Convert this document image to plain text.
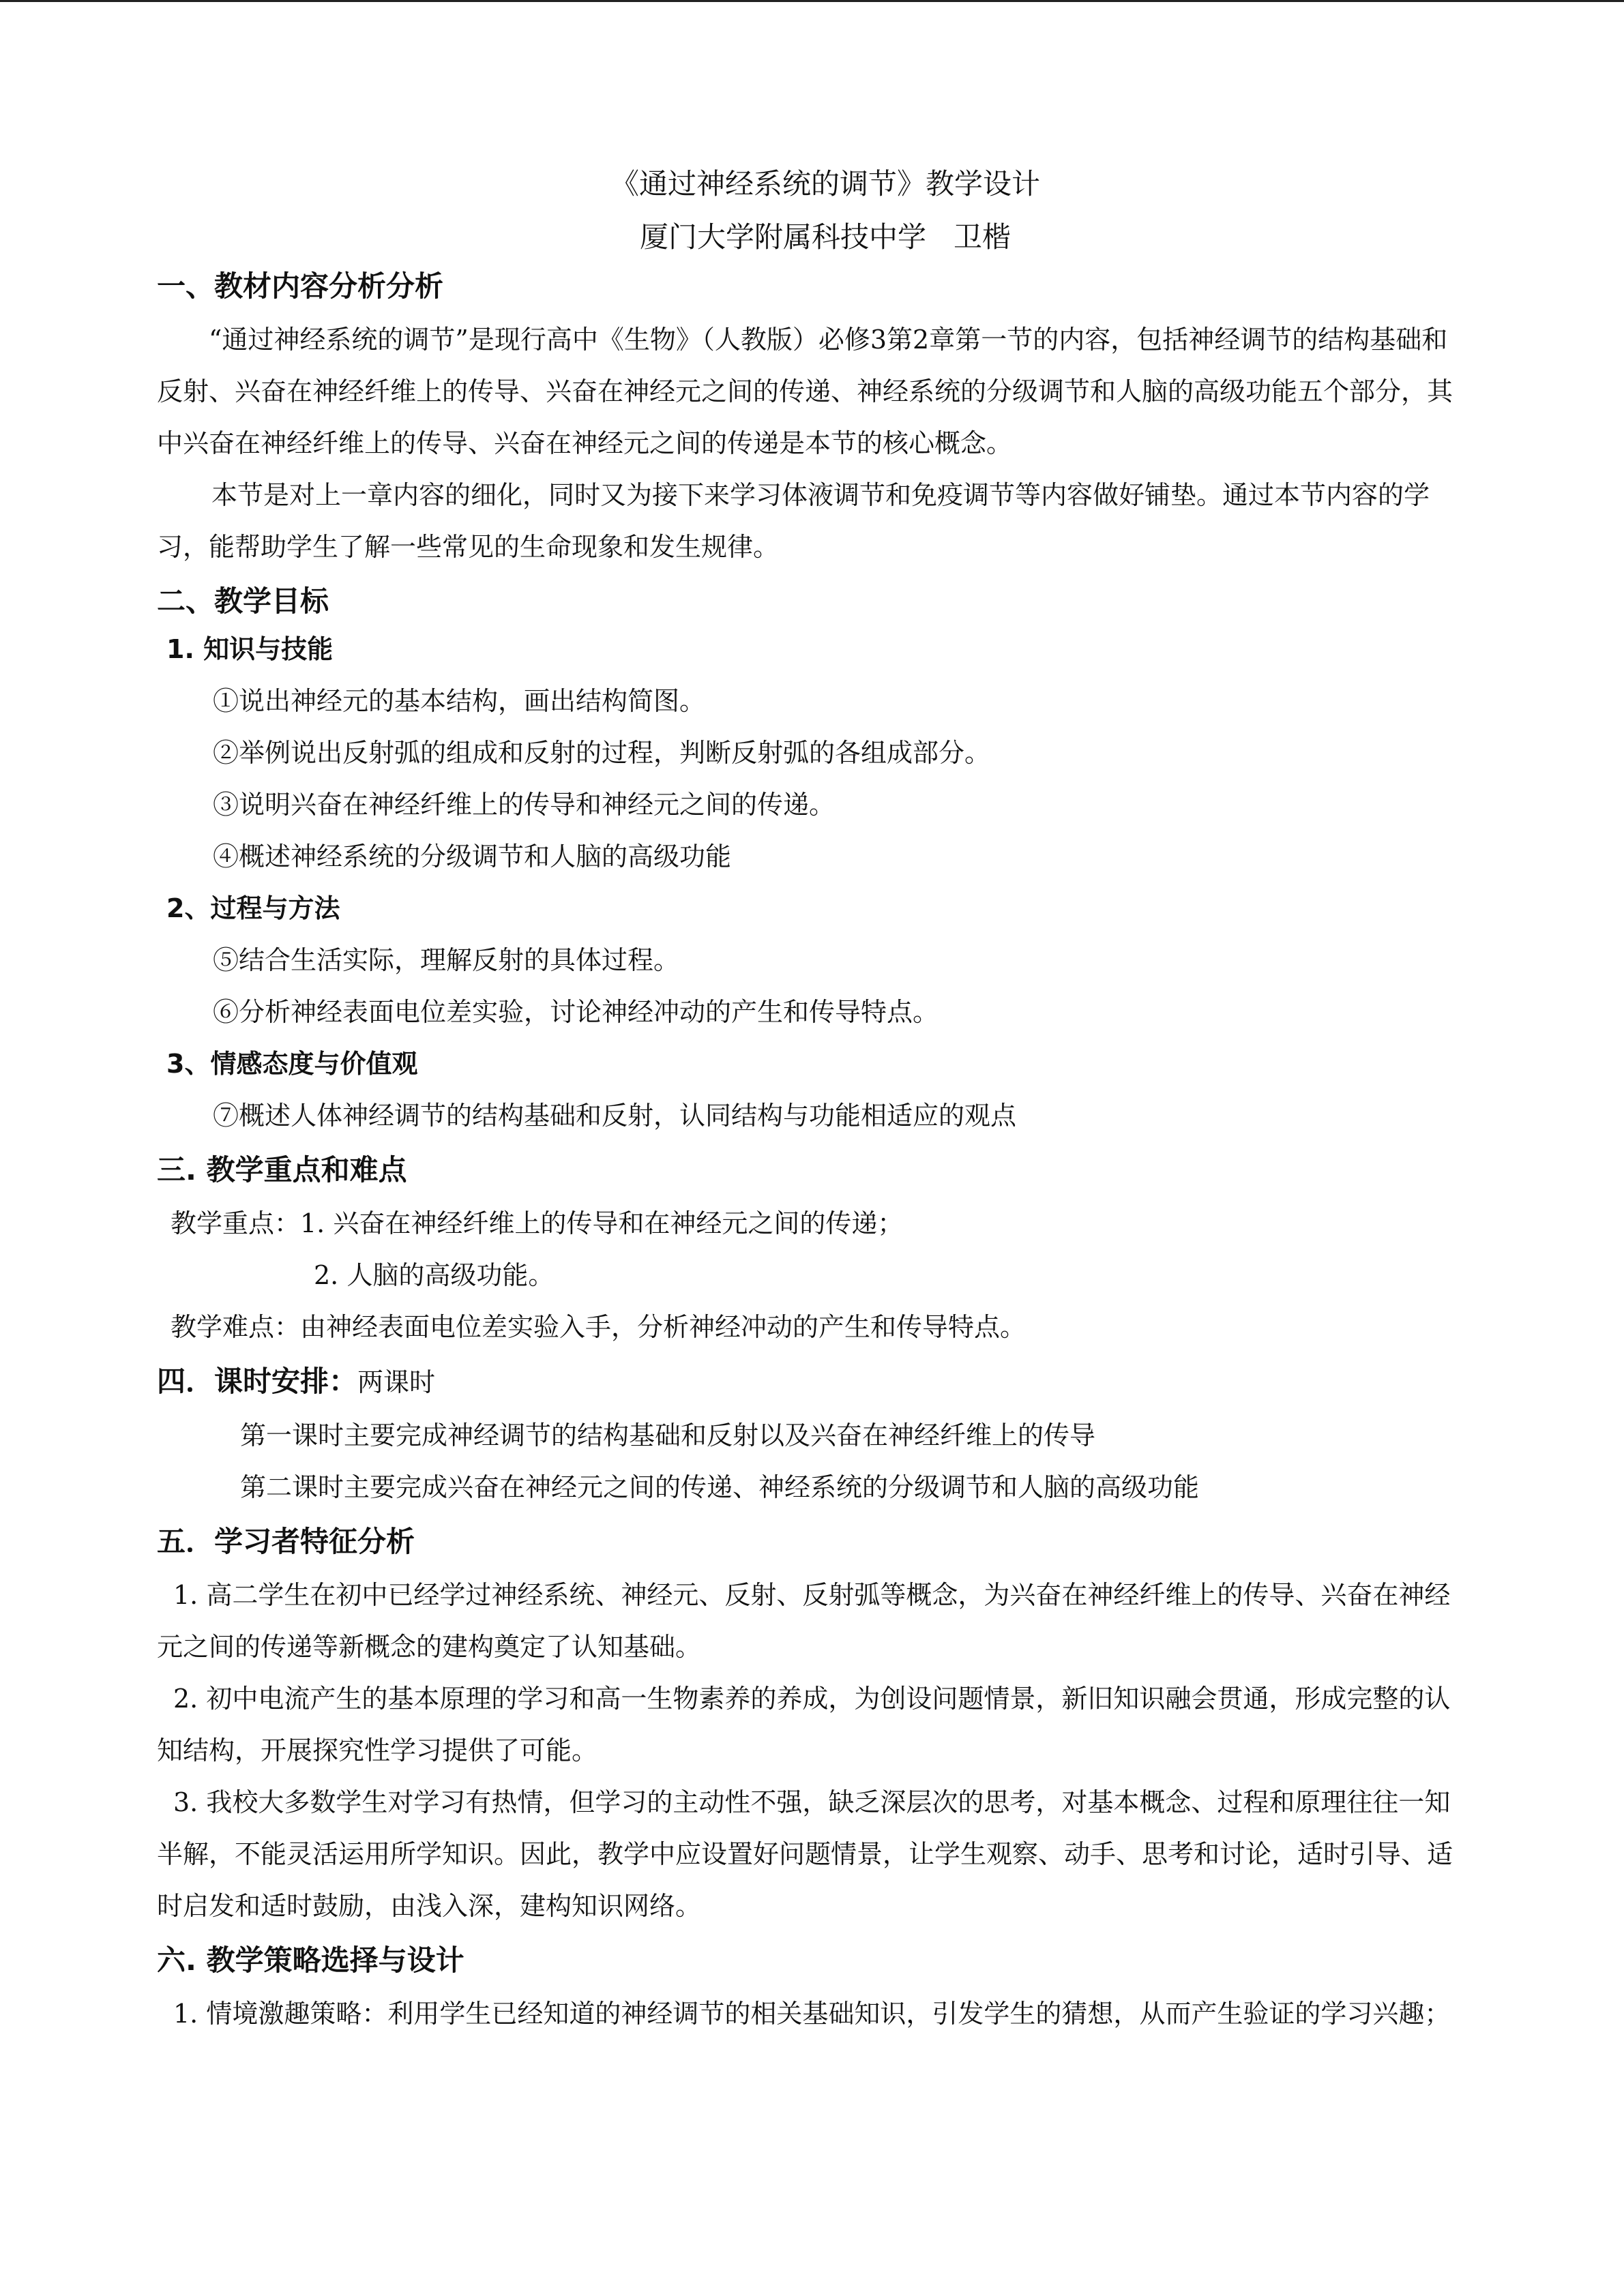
《通过神经系统的调节》教学设计
厦门大学附属科技中学 卫楷
一、教材内容分析分析

“通过神经系统的调节”是现行高中《生物》（人教版）必修3第2章第一节的内容，包括神经调节的结构基础和反射、兴奋在神经纤维上的传导、兴奋在神经元之间的传递、神经系统的分级调节和人脑的高级功能五个部分，其中兴奋在神经纤维上的传导、兴奋在神经元之间的传递是本节的核心概念。

本节是对上一章内容的细化，同时又为接下来学习体液调节和免疫调节等内容做好铺垫。通过本节内容的学习，能帮助学生了解一些常见的生命现象和发生规律。

二、教学目标
1. 知识与技能
①说出神经元的基本结构，画出结构简图。
②举例说出反射弧的组成和反射的过程，判断反射弧的各组成部分。
③说明兴奋在神经纤维上的传导和神经元之间的传递。
④概述神经系统的分级调节和人脑的高级功能
2、过程与方法
⑤结合生活实际，理解反射的具体过程。
⑥分析神经表面电位差实验，讨论神经冲动的产生和传导特点。
3、情感态度与价值观
⑦概述人体神经调节的结构基础和反射，认同结构与功能相适应的观点
三. 教学重点和难点
教学重点：1. 兴奋在神经纤维上的传导和在神经元之间的传递；
2. 人脑的高级功能。
教学难点：由神经表面电位差实验入手，分析神经冲动的产生和传导特点。
四．课时安排：两课时
第一课时主要完成神经调节的结构基础和反射以及兴奋在神经纤维上的传导
第二课时主要完成兴奋在神经元之间的传递、神经系统的分级调节和人脑的高级功能
五．学习者特征分析

1. 高二学生在初中已经学过神经系统、神经元、反射、反射弧等概念，为兴奋在神经纤维上的传导、兴奋在神经元之间的传递等新概念的建构奠定了认知基础。

2. 初中电流产生的基本原理的学习和高一生物素养的养成，为创设问题情景，新旧知识融会贯通，形成完整的认知结构，开展探究性学习提供了可能。

3. 我校大多数学生对学习有热情，但学习的主动性不强，缺乏深层次的思考，对基本概念、过程和原理往往一知半解，不能灵活运用所学知识。因此，教学中应设置好问题情景，让学生观察、动手、思考和讨论，适时引导、适时启发和适时鼓励，由浅入深，建构知识网络。

六. 教学策略选择与设计

1. 情境激趣策略：利用学生已经知道的神经调节的相关基础知识，引发学生的猜想，从而产生验证的学习兴趣；
